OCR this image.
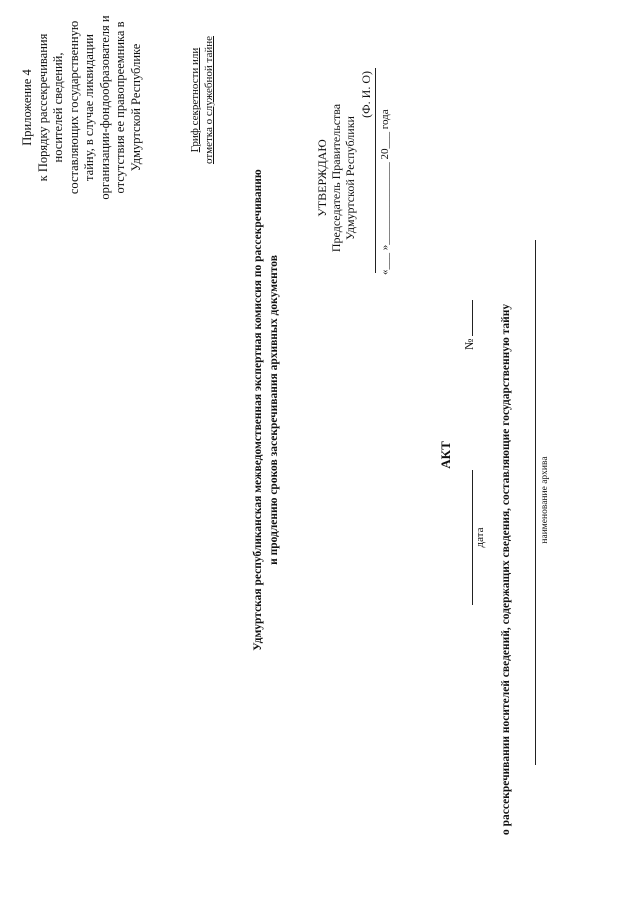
Приложение 4 к Порядку рассекречивания носителей сведений, составляющих государственную тайну, в случае ликвидации организации-фондообразователя и отсутствия ее правопреемника в Удмуртской Республике	Гриф секретности или отметка о служебной тайне
Удмуртская республиканская межведомственная экспертная комиссия по рассекречиванию и продлению сроков засекречивания архивных документов
УТВЕРЖДАЮ Председатель Правительства Удмуртской Республики
(Ф. И. О)
«___ »_______________ 20___ года
АКТ
№
дата о рассекречивании носителей сведений, содержащих сведения, составляющие государственную тайну	наименование архива
